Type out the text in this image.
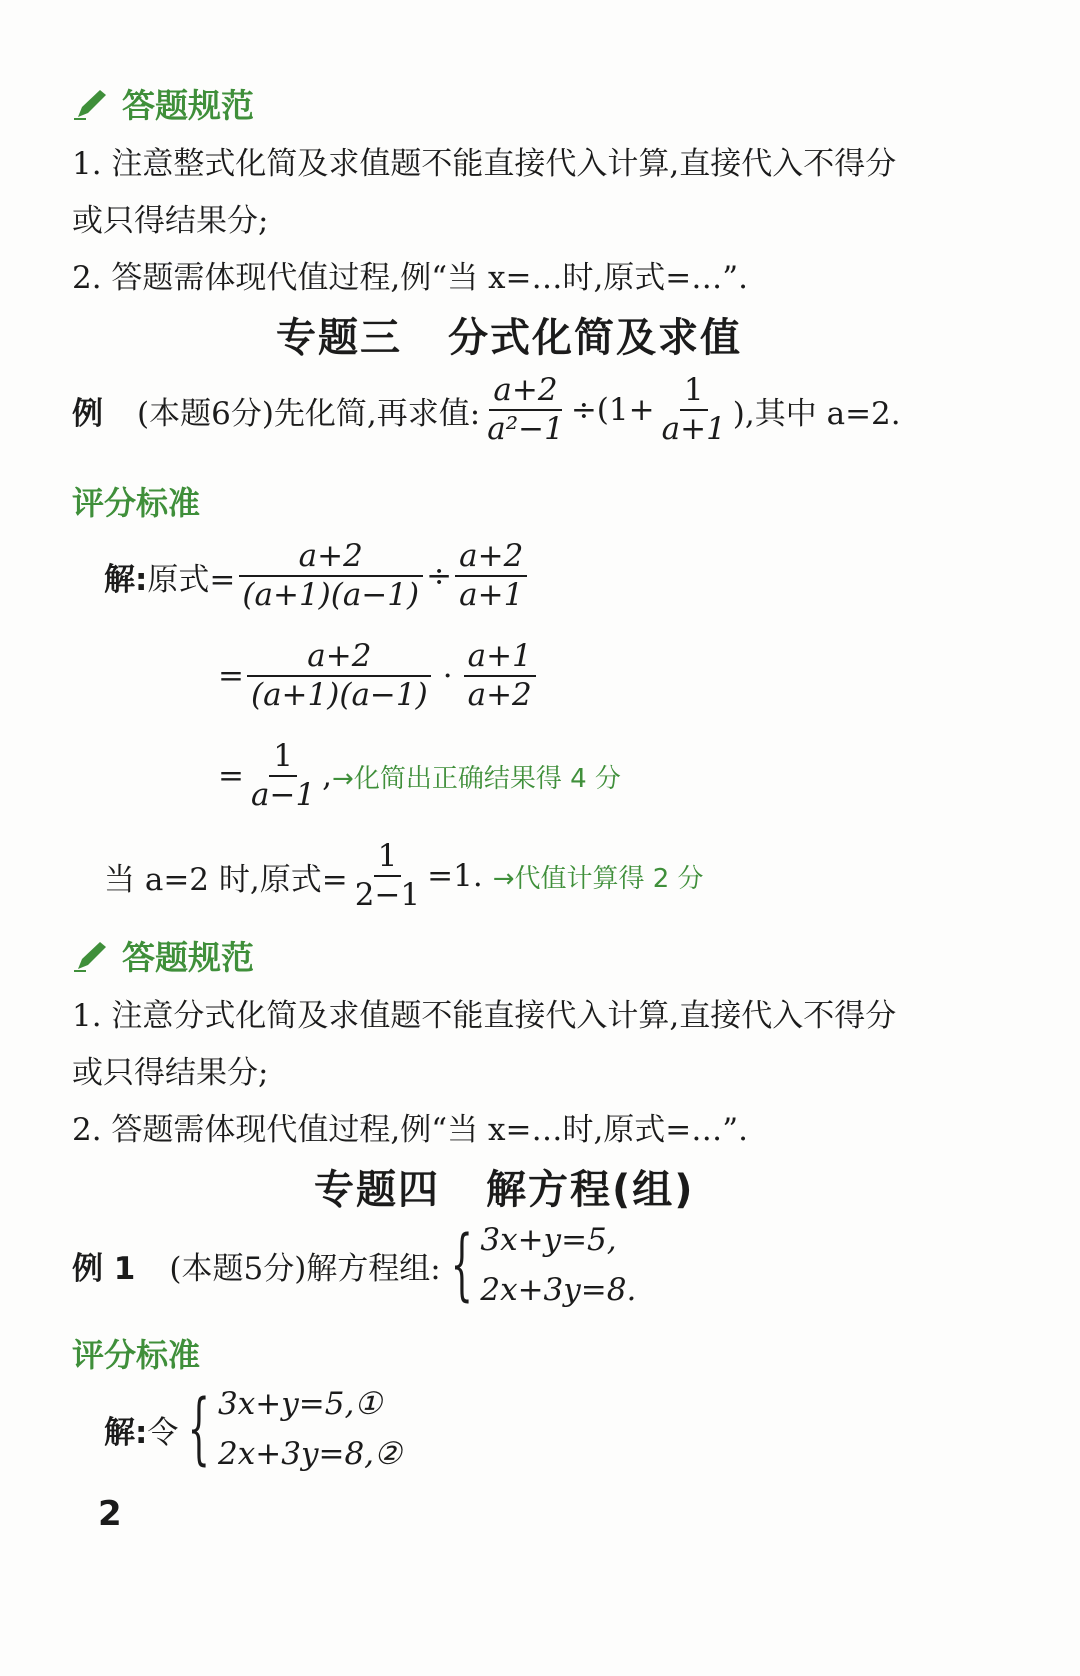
答题规范
1. 注意整式化简及求值题不能直接代入计算,直接代入不得分
或只得结果分;
2. 答题需体现代值过程,例“当 x=…时,原式=…”.
专题三 分式化简及求值
例 (本题6分)先化简,再求值: $\frac{a+2}{\text{a²−1}} \div(1+ \frac{1}{a+1}$ ),其中 a=2.
评分标准
解: 原式= $\frac{a+2}{(a+1)(a-1)} \div \frac{a+2}{a+1}$
= $\frac{a+2}{(a+1)(a-1)} \cdot \frac{a+1}{a+2}$
= $\frac{1}{a-1}$ , →化简出正确结果得 4 分
当 a=2 时,原式= $\frac{1}{2-1} =1$. →代值计算得 2 分
答题规范
1. 注意分式化简及求值题不能直接代入计算,直接代入不得分
或只得结果分;
2. 答题需体现代值过程,例“当 x=…时,原式=…”.
专题四 解方程(组)
例 1 (本题5分)解方程组: { 3x+y=5,
2x+3y=8.
评分标准
解: 令 { 3x+y=5,①
2x+3y=8,②
2
